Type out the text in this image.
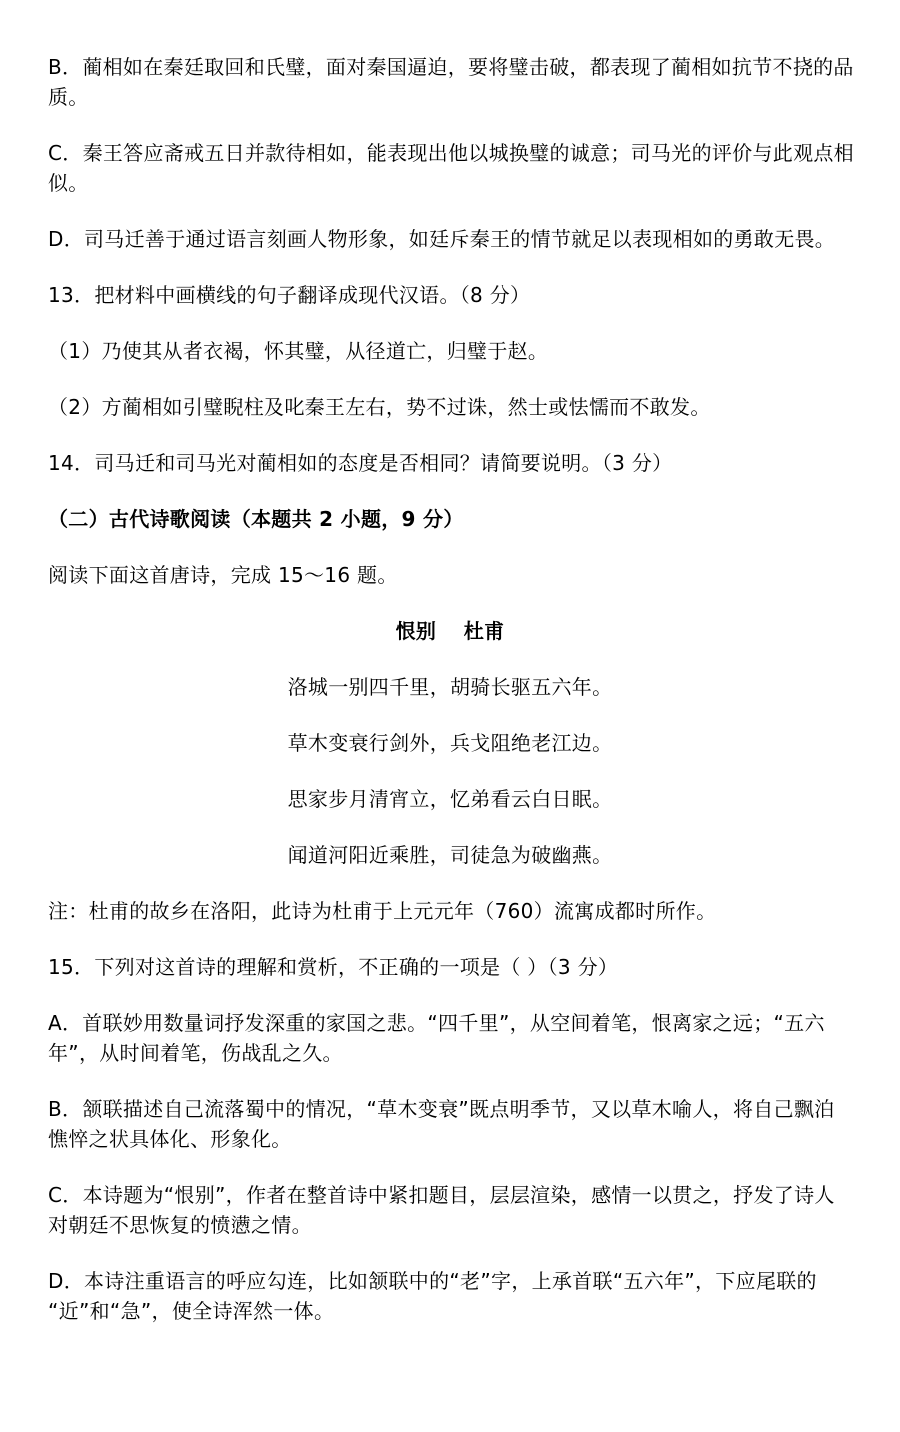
B．蔺相如在秦廷取回和氏璧，面对秦国逼迫，要将璧击破，都表现了蔺相如抗节不挠的品

质。

C．秦王答应斋戒五日并款待相如，能表现出他以城换璧的诚意；司马光的评价与此观点相

似。

D．司马迁善于通过语言刻画人物形象，如廷斥秦王的情节就足以表现相如的勇敢无畏。

13．把材料中画横线的句子翻译成现代汉语。（8 分）

（1）乃使其从者衣褐，怀其璧，从径道亡，归璧于赵。

（2）方蔺相如引璧睨柱及叱秦王左右，势不过诛，然士或怯懦而不敢发。

14．司马迁和司马光对蔺相如的态度是否相同？请简要说明。（3 分）

（二）古代诗歌阅读（本题共 2 小题，9 分）

阅读下面这首唐诗，完成 15～16 题。

恨别　 杜甫

洛城一别四千里，胡骑长驱五六年。

草木变衰行剑外，兵戈阻绝老江边。

思家步月清宵立，忆弟看云白日眠。

闻道河阳近乘胜，司徒急为破幽燕。

注：杜甫的故乡在洛阳，此诗为杜甫于上元元年（760）流寓成都时所作。

15．下列对这首诗的理解和赏析，不正确的一项是（ ）（3 分）

A．首联妙用数量词抒发深重的家国之悲。“四千里”，从空间着笔，恨离家之远；“五六

年”，从时间着笔，伤战乱之久。

B．颔联描述自己流落蜀中的情况，“草木变衰”既点明季节，又以草木喻人，将自己飘泊

憔悴之状具体化、形象化。

C．本诗题为“恨别”，作者在整首诗中紧扣题目，层层渲染，感情一以贯之，抒发了诗人

对朝廷不思恢复的愤懑之情。

D．本诗注重语言的呼应勾连，比如颔联中的“老”字，上承首联“五六年”，下应尾联的

“近”和“急”，使全诗浑然一体。
